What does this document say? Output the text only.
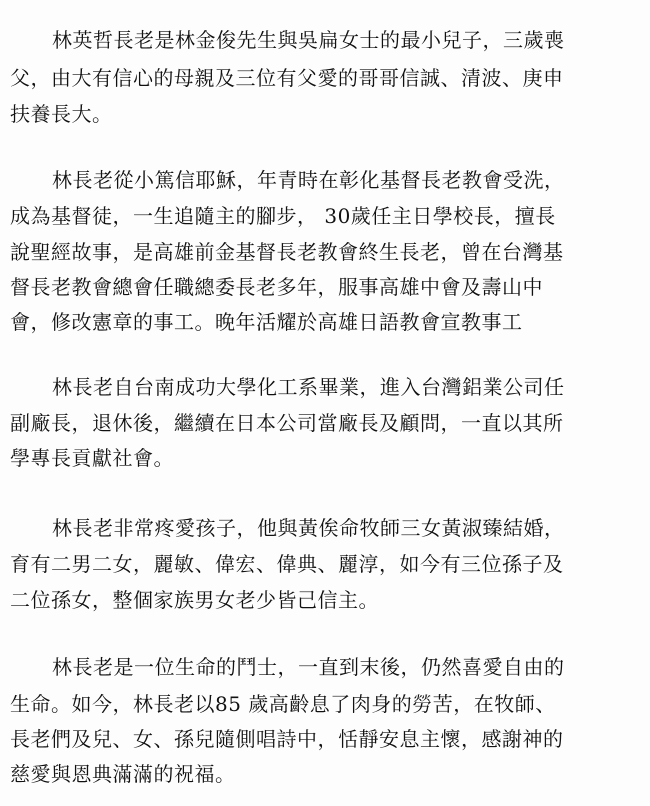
林英哲長老是林金俊先生與吳扁女士的最小兒子，三歲喪
父，由大有信心的母親及三位有父愛的哥哥信誠、清波、庚申
扶養長大。
林長老從小篤信耶穌，年青時在彰化基督長老教會受洗，
成為基督徒，一生追隨主的腳步， 30歲任主日學校長，擅長
說聖經故事，是高雄前金基督長老教會終生長老，曾在台灣基
督長老教會總會任職總委長老多年，服事高雄中會及壽山中
會，修改憲章的事工。晚年活耀於高雄日語教會宣教事工
林長老自台南成功大學化工系畢業，進入台灣鋁業公司任
副廠長，退休後，繼續在日本公司當廠長及顧問，一直以其所
學專長貢獻社會。
林長老非常疼愛孩子，他與黃俟命牧師三女黃淑臻結婚，
育有二男二女，麗敏、偉宏、偉典、麗淳，如今有三位孫子及
二位孫女，整個家族男女老少皆己信主。
林長老是一位生命的鬥士，一直到末後，仍然喜愛自由的
生命。如今，林長老以85 歲高齡息了肉身的勞苦，在牧師、
長老們及兒、女、孫兒隨側唱詩中，恬靜安息主懷，感謝神的
慈愛與恩典滿滿的祝福。
